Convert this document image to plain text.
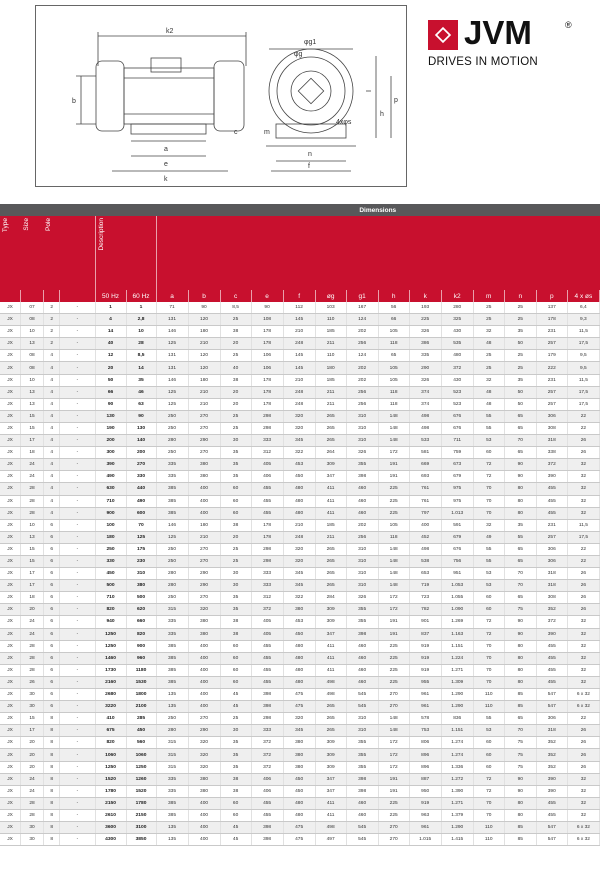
k2
φg1
φg
b
h
p
a
e
c
f
m
k
n
4xφs
JVM	®
DRIVES IN MOTION
						Dimensions													
Type	Size	Pole		Description															
				50 Hz	60 Hz	a	b	c	e	f	øg	g1	h	k	k2	m	n	p	4 x øs
JX	07	2	-	1	1	71	90	8,5	90	112	103	167	56	193	280	25	25	137	6,4
JX	08	2	-	4	2,8	131	120	25	108	145	110	124	66	225	325	25	25	178	9,3
JX	10	2	-	14	10	146	180	38	178	210	185	202	105	326	430	32	35	231	11,5
JX	13	2	-	40	28	125	210	20	178	248	211	256	118	386	535	48	50	257	17,5
JX	08	4	-	12	8,5	131	120	25	106	145	110	124	65	335	480	25	25	179	9,5
JX	08	4	-	20	14	131	120	40	106	145	180	202	105	290	372	25	25	222	9,5
JX	10	4	-	50	35	146	180	38	178	210	185	202	105	326	430	32	35	231	11,5
JX	13	4	-	66	46	125	210	20	178	248	211	256	118	374	523	48	50	257	17,5
JX	13	4	-	90	63	125	210	20	178	248	211	256	118	374	523	48	50	257	17,5
JX	15	4	-	130	90	250	270	25	298	320	265	310	148	498	676	55	65	306	22
JX	15	4	-	190	130	250	270	25	298	320	265	310	148	498	676	55	65	308	22
JX	17	4	-	200	140	280	290	30	333	345	265	310	148	533	711	53	70	318	26
JX	18	4	-	300	200	250	270	35	312	322	264	326	172	581	759	60	65	338	26
JX	24	4	-	390	270	335	380	35	405	453	309	355	191	669	673	72	90	372	32
JX	24	4	-	490	330	335	380	35	406	450	347	398	191	693	679	72	90	390	32
JX	28	4	-	630	440	385	400	60	455	480	411	460	225	761	975	70	80	455	32
JX	28	4	-	710	490	385	400	60	455	480	411	460	225	761	975	70	80	455	32
JX	28	4	-	900	600	385	400	60	455	480	411	460	225	797	1.013	70	80	455	32
JX	10	6	-	100	70	146	180	38	178	210	185	202	105	400	591	32	35	231	11,5
JX	13	6	-	180	125	125	210	20	178	248	211	256	118	452	679	49	55	257	17,5
JX	15	6	-	250	175	250	270	25	298	320	265	310	148	498	676	55	65	306	22
JX	15	6	-	330	230	250	270	25	298	320	265	310	148	538	756	55	65	306	22
JX	17	6	-	450	310	280	290	30	333	345	265	310	148	653	951	53	70	318	26
JX	17	6	-	500	380	280	290	30	333	345	265	310	148	719	1.053	53	70	318	26
JX	18	6	-	710	500	250	270	35	312	322	284	326	172	723	1.055	60	65	308	26
JX	20	6	-	820	620	315	320	35	372	380	309	355	172	782	1.090	60	75	352	26
JX	24	6	-	940	660	335	380	38	405	453	309	355	191	901	1.269	72	90	372	32
JX	24	6	-	1250	820	335	380	38	405	450	347	398	191	837	1.163	72	90	390	32
JX	28	6	-	1250	900	385	400	60	455	480	411	460	225	919	1.151	70	80	455	32
JX	28	6	-	1460	960	385	400	60	455	480	411	460	225	919	1.224	70	80	455	32
JX	28	6	-	1730	1180	385	400	60	455	480	411	460	225	919	1.271	70	80	455	32
JX	26	6	-	2160	1530	385	400	60	455	480	498	460	225	955	1.309	70	80	455	32
JX	30	6	-	2680	1800	135	400	45	398	475	498	545	270	961	1.290	110	85	547	6 x 32
JX	30	6	-	3220	2100	135	400	45	398	475	265	545	270	961	1.290	110	85	547	6 x 32
JX	15	8	-	410	285	250	270	25	298	320	265	310	148	578	836	55	65	306	22
JX	17	8	-	675	450	280	290	30	333	345	265	310	148	753	1.151	53	70	318	26
JX	20	8	-	820	560	315	320	35	372	380	309	355	172	806	1.274	60	75	352	26
JX	20	8	-	1060	1060	315	320	35	372	380	309	355	172	896	1.274	60	75	352	26
JX	20	8	-	1250	1250	315	320	35	372	380	309	355	172	896	1.336	60	75	352	26
JX	24	8	-	1520	1260	335	380	38	406	450	347	398	191	887	1.272	72	90	390	32
JX	24	8	-	1780	1520	335	380	38	406	450	347	398	191	950	1.390	72	90	390	32
JX	28	8	-	2150	1780	385	400	60	455	480	411	460	225	919	1.271	70	80	455	32
JX	28	8	-	2610	2150	385	400	60	455	480	411	460	225	963	1.379	70	80	455	32
JX	30	8	-	3600	3100	135	400	45	398	475	498	545	270	961	1.290	110	85	547	6 x 32
JX	30	8	-	4300	3850	135	400	45	398	475	497	545	270	1.015	1.415	110	85	547	6 x 32
